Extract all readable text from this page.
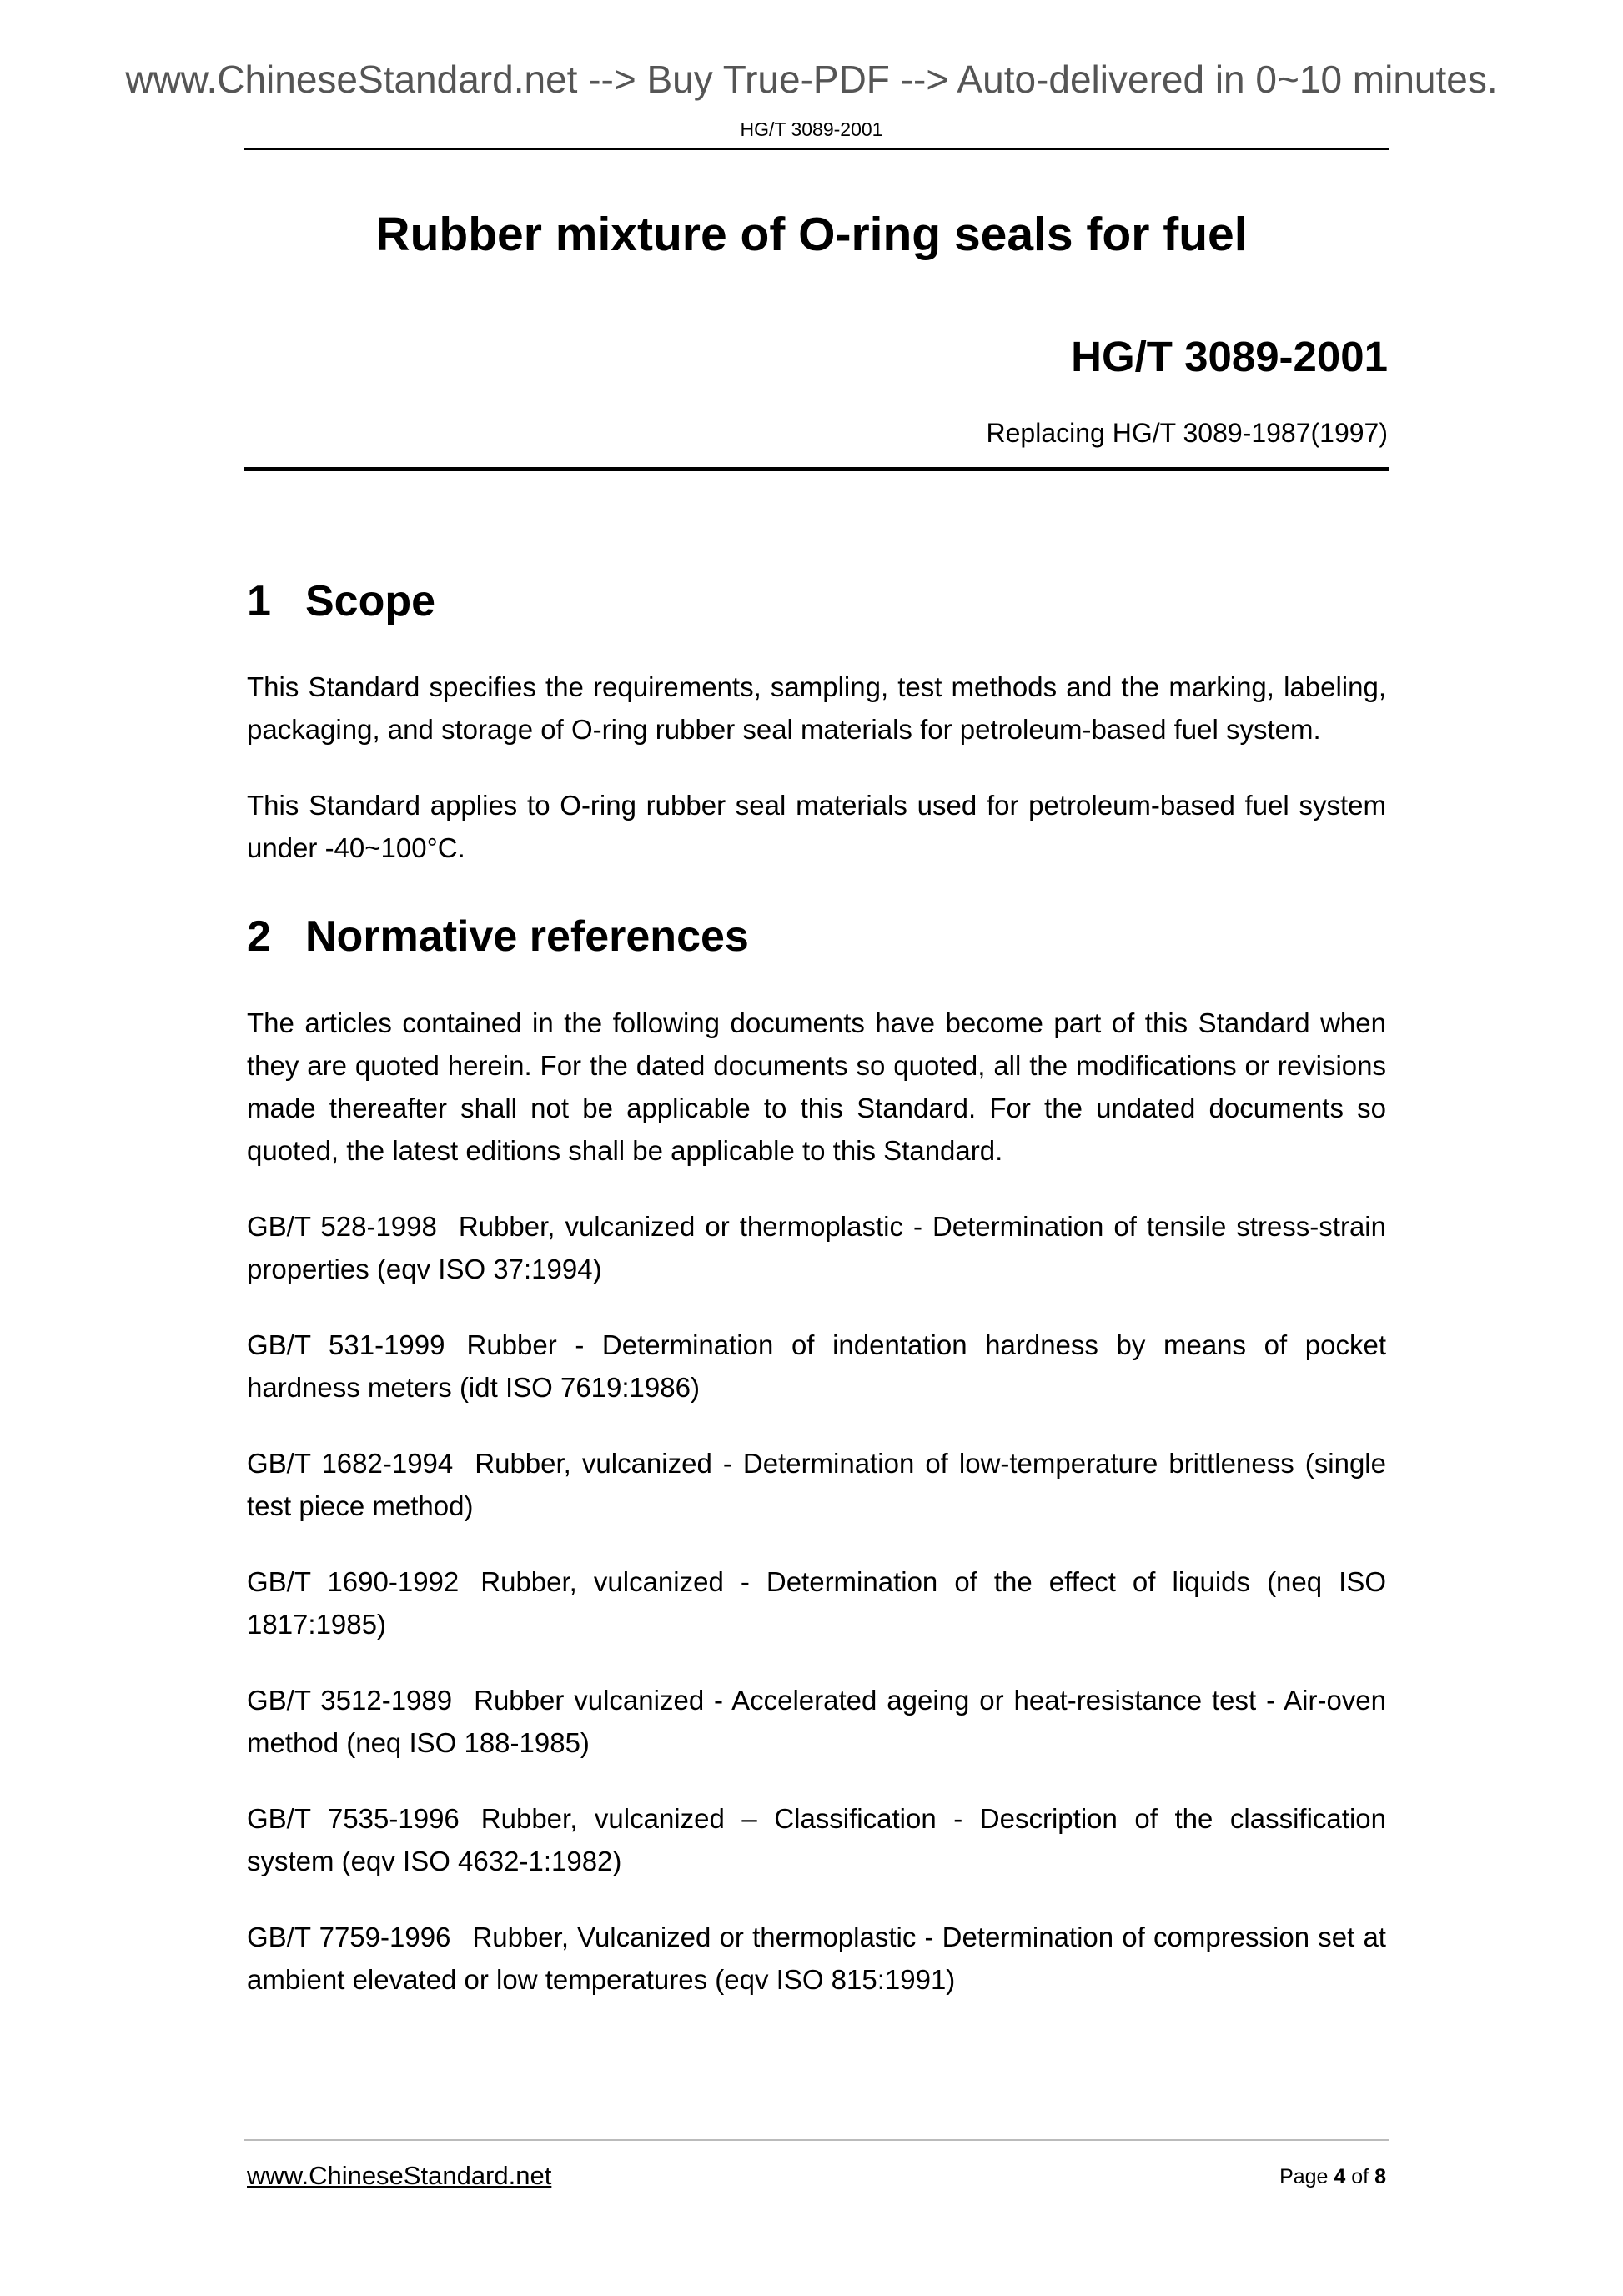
www.ChineseStandard.net --> Buy True-PDF --> Auto-delivered in 0~10 minutes.
HG/T 3089-2001
Rubber mixture of O-ring seals for fuel
HG/T 3089-2001
Replacing HG/T 3089-1987(1997)
1 Scope

This Standard specifies the requirements, sampling, test methods and the marking, labeling, packaging, and storage of O-ring rubber seal materials for petroleum-based fuel system.

This Standard applies to O-ring rubber seal materials used for petroleum-based fuel system under -40~100°C.

2 Normative references

The articles contained in the following documents have become part of this Standard when they are quoted herein. For the dated documents so quoted, all the modifications or revisions made thereafter shall not be applicable to this Standard. For the undated documents so quoted, the latest editions shall be applicable to this Standard.

GB/T 528-1998 Rubber, vulcanized or thermoplastic - Determination of tensile stress-strain properties (eqv ISO 37:1994)

GB/T 531-1999 Rubber - Determination of indentation hardness by means of pocket hardness meters (idt ISO 7619:1986)

GB/T 1682-1994 Rubber, vulcanized - Determination of low-temperature brittleness (single test piece method)

GB/T 1690-1992 Rubber, vulcanized - Determination of the effect of liquids (neq ISO 1817:1985)

GB/T 3512-1989 Rubber vulcanized - Accelerated ageing or heat-resistance test - Air-oven method (neq ISO 188-1985)

GB/T 7535-1996 Rubber, vulcanized – Classification - Description of the classification system (eqv ISO 4632-1:1982)

GB/T 7759-1996 Rubber, Vulcanized or thermoplastic - Determination of compression set at ambient elevated or low temperatures (eqv ISO 815:1991)

www.ChineseStandard.net	Page 4 of 8
